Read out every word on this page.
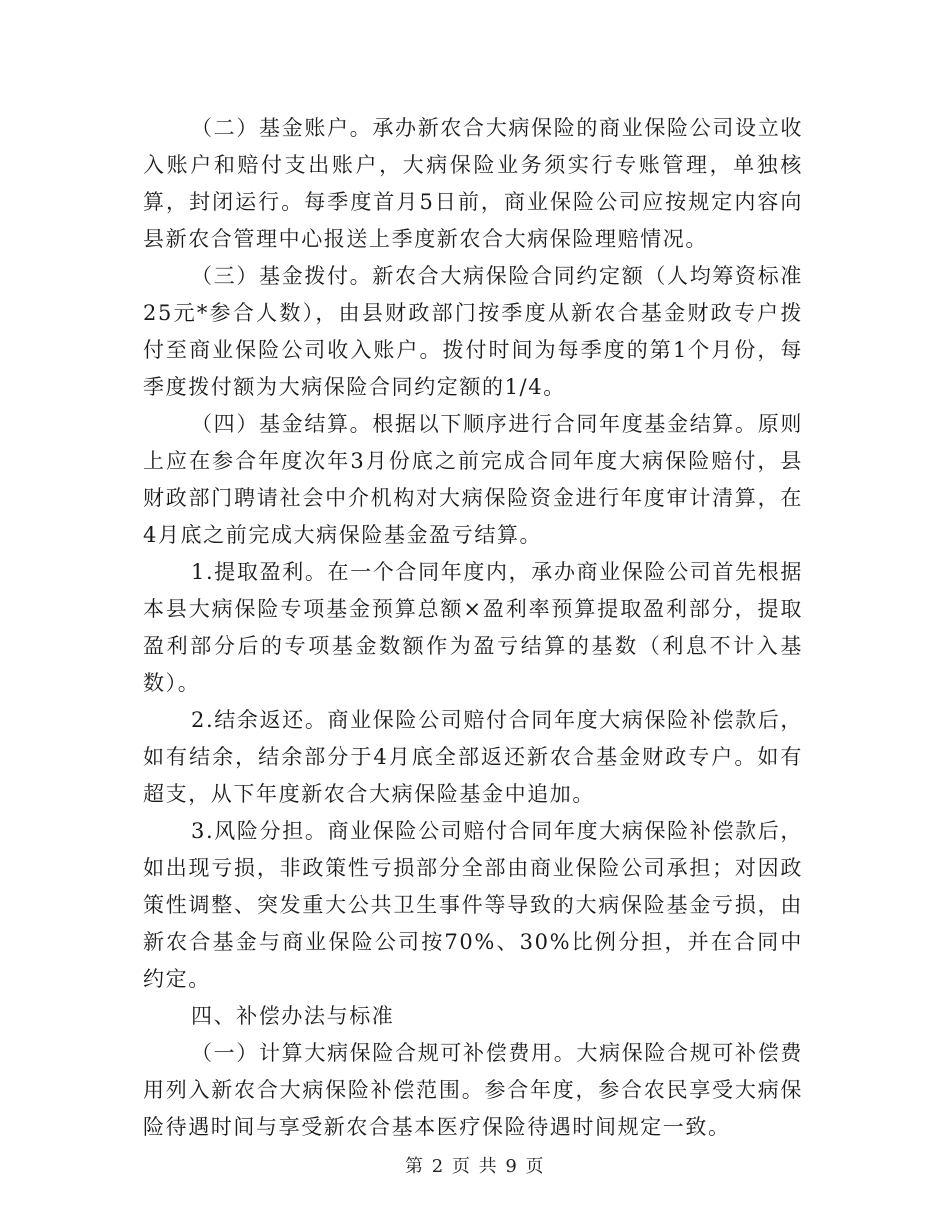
（二）基金账户。承办新农合大病保险的商业保险公司设立收入账户和赔付支出账户，大病保险业务须实行专账管理，单独核算，封闭运行。每季度首月5日前，商业保险公司应按规定内容向县新农合管理中心报送上季度新农合大病保险理赔情况。

（三）基金拨付。新农合大病保险合同约定额（人均筹资标准25元*参合人数），由县财政部门按季度从新农合基金财政专户拨付至商业保险公司收入账户。拨付时间为每季度的第1个月份，每季度拨付额为大病保险合同约定额的1/4。

（四）基金结算。根据以下顺序进行合同年度基金结算。原则上应在参合年度次年3月份底之前完成合同年度大病保险赔付，县财政部门聘请社会中介机构对大病保险资金进行年度审计清算，在4月底之前完成大病保险基金盈亏结算。

1.提取盈利。在一个合同年度内，承办商业保险公司首先根据本县大病保险专项基金预算总额×盈利率预算提取盈利部分，提取盈利部分后的专项基金数额作为盈亏结算的基数（利息不计入基数）。

2.结余返还。商业保险公司赔付合同年度大病保险补偿款后，如有结余，结余部分于4月底全部返还新农合基金财政专户。如有超支，从下年度新农合大病保险基金中追加。

3.风险分担。商业保险公司赔付合同年度大病保险补偿款后，如出现亏损，非政策性亏损部分全部由商业保险公司承担；对因政策性调整、突发重大公共卫生事件等导致的大病保险基金亏损，由新农合基金与商业保险公司按70%、30%比例分担，并在合同中约定。

四、补偿办法与标准

（一）计算大病保险合规可补偿费用。大病保险合规可补偿费用列入新农合大病保险补偿范围。参合年度，参合农民享受大病保险待遇时间与享受新农合基本医疗保险待遇时间规定一致。

第 2 页 共 9 页
